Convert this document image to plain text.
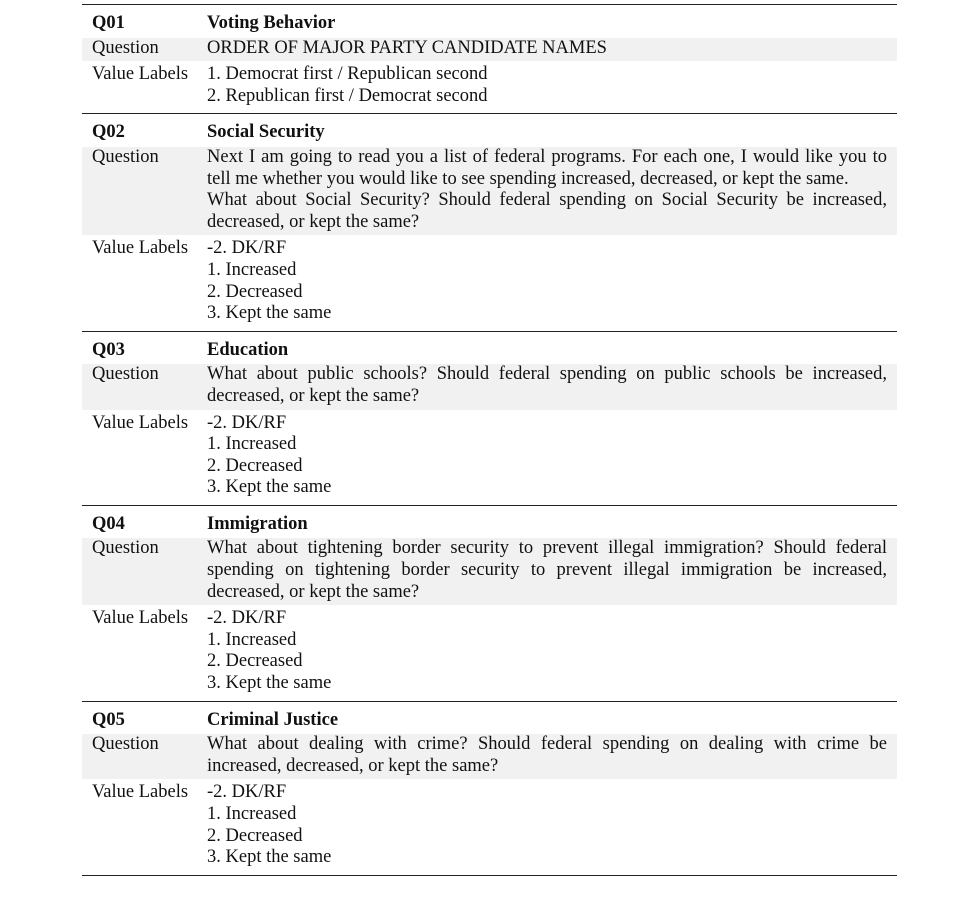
Q01	Voting Behavior
Question	ORDER OF MAJOR PARTY CANDIDATE NAMES
Value Labels	1. Democrat first / Republican second
2. Republican first / Democrat second
Q02	Social Security
Question	Next I am going to read you a list of federal programs. For each one, I would like you to tell me whether you would like to see spending increased, decreased, or kept the same.
What about Social Security? Should federal spending on Social Security be increased, decreased, or kept the same?
Value Labels	-2. DK/RF
1. Increased
2. Decreased
3. Kept the same
Q03	Education
Question	What about public schools? Should federal spending on public schools be increased, decreased, or kept the same?
Value Labels	-2. DK/RF
1. Increased
2. Decreased
3. Kept the same
Q04	Immigration
Question	What about tightening border security to prevent illegal immigration? Should federal spending on tightening border security to prevent illegal immigration be increased, decreased, or kept the same?
Value Labels	-2. DK/RF
1. Increased
2. Decreased
3. Kept the same
Q05	Criminal Justice
Question	What about dealing with crime? Should federal spending on dealing with crime be increased, decreased, or kept the same?
Value Labels	-2. DK/RF
1. Increased
2. Decreased
3. Kept the same
